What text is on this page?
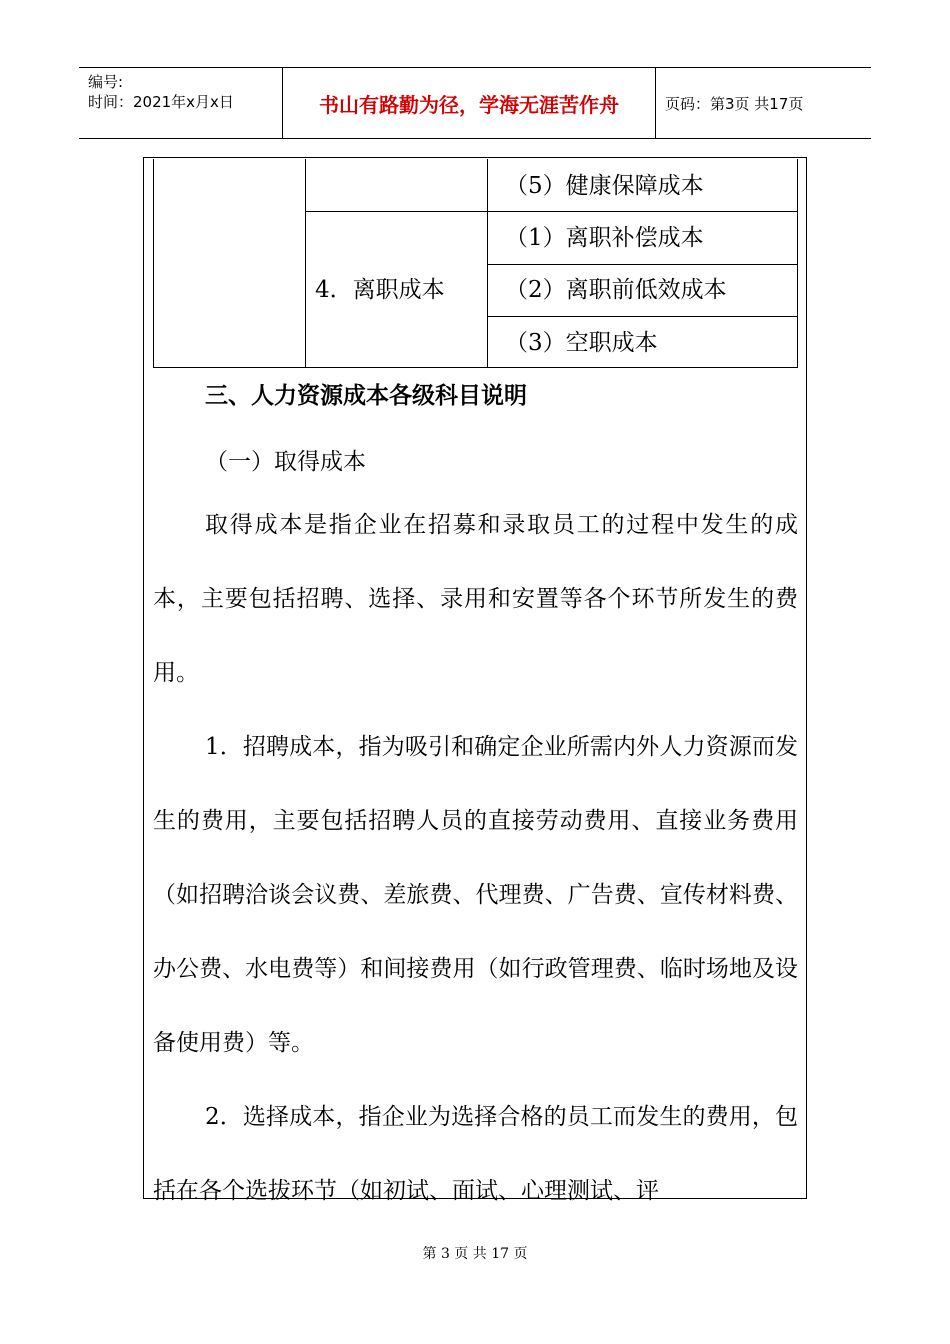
编号:
时间：2021年x月x日	书山有路勤为径，学海无涯苦作舟	页码：第3页 共17页
（5）健康保障成本
4．离职成本
（1）离职补偿成本
（2）离职前低效成本
（3）空职成本
三、人力资源成本各级科目说明
（一）取得成本

取得成本是指企业在招募和录取员工的过程中发生的成本，主要包括招聘、选择、录用和安置等各个环节所发生的费用。

1．招聘成本，指为吸引和确定企业所需内外人力资源而发生的费用，主要包括招聘人员的直接劳动费用、直接业务费用（如招聘洽谈会议费、差旅费、代理费、广告费、宣传材料费、办公费、水电费等）和间接费用（如行政管理费、临时场地及设备使用费）等。

2．选择成本，指企业为选择合格的员工而发生的费用，包括在各个选拔环节（如初试、面试、心理测试、评

第 3 页 共 17 页
